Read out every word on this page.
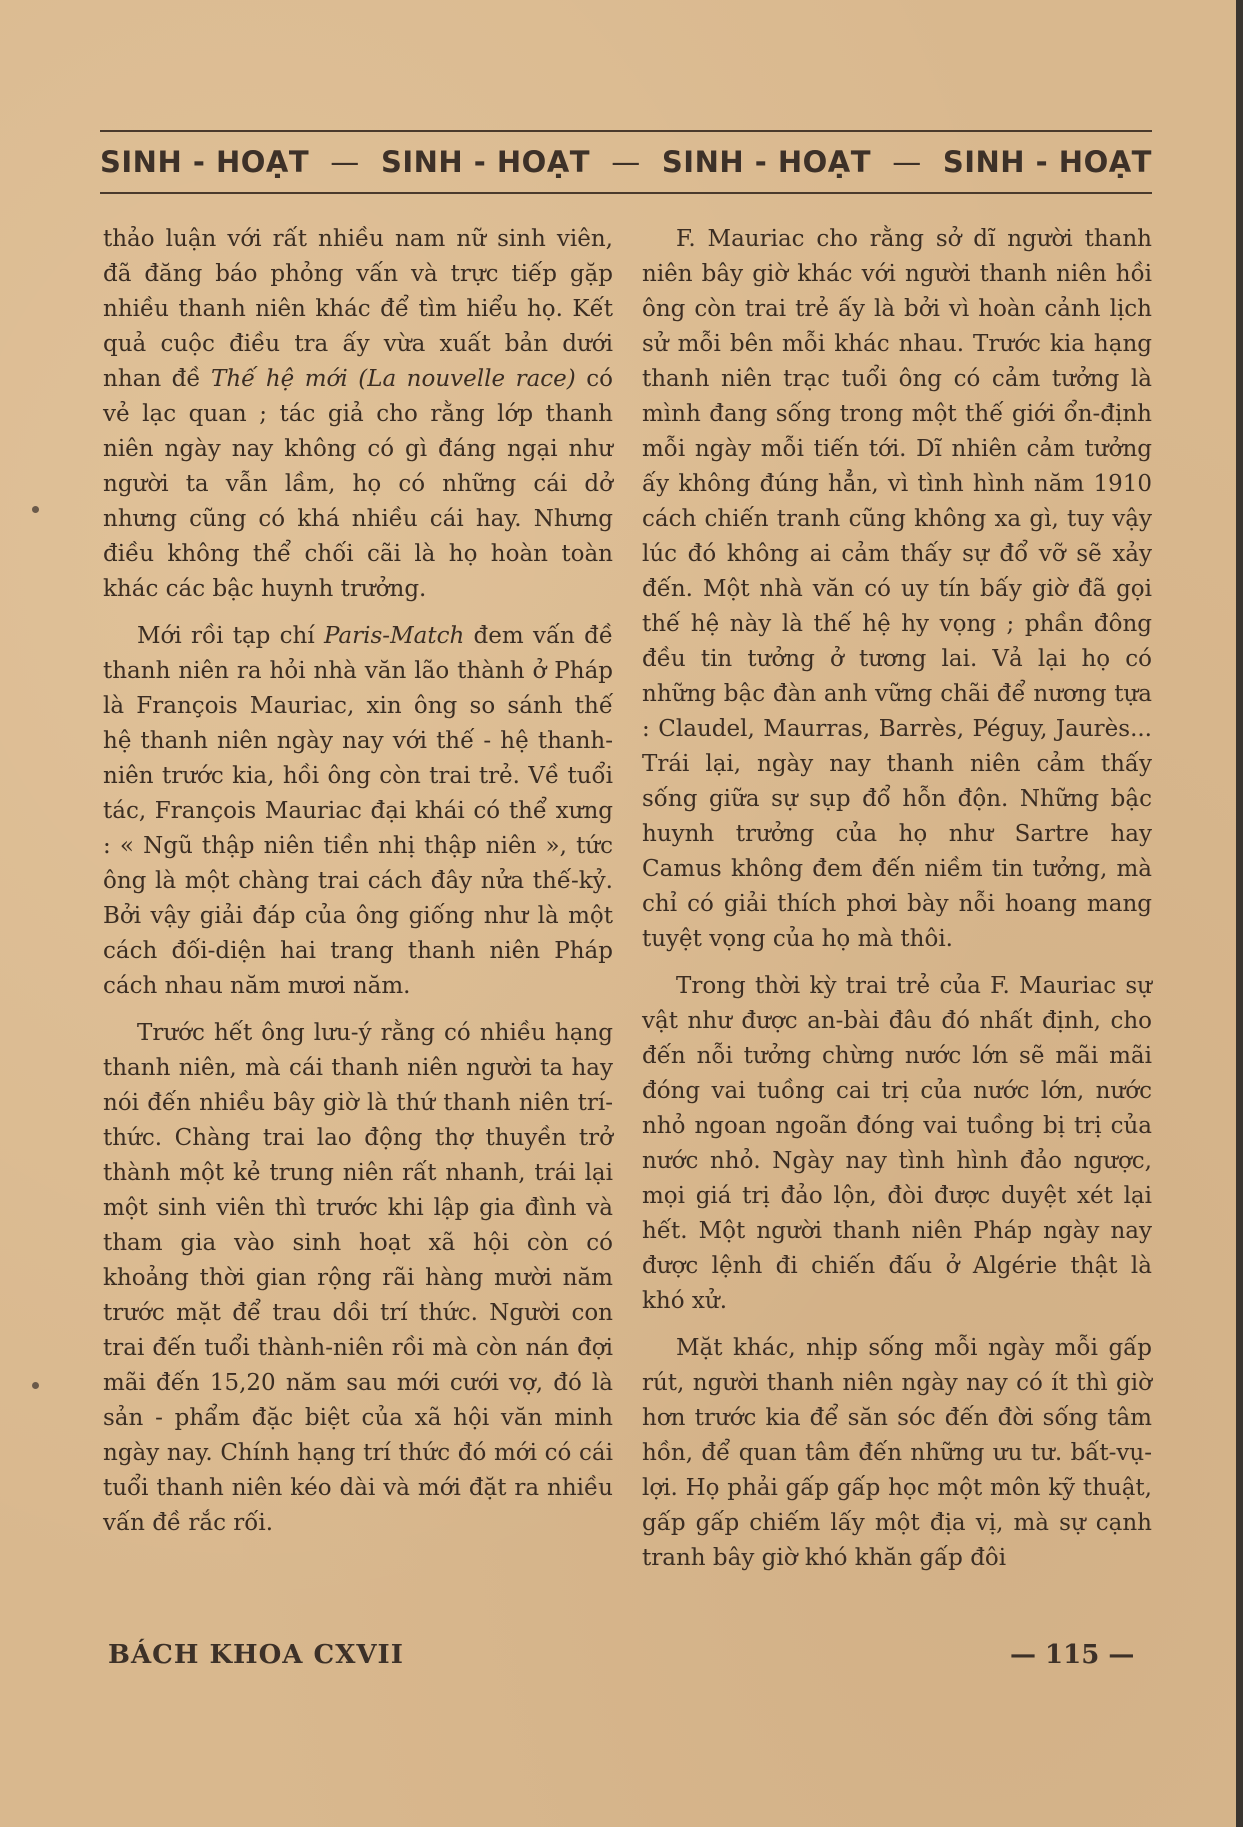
SINH - HOẠT — SINH - HOẠT — SINH - HOẠT — SINH - HOẠT

thảo luận với rất nhiều nam nữ sinh viên, đã đăng báo phỏng vấn và trực tiếp gặp nhiều thanh niên khác để tìm hiểu họ. Kết quả cuộc điều tra ấy vừa xuất bản dưới nhan đề Thế hệ mới (La nouvelle race) có vẻ lạc quan ; tác giả cho rằng lớp thanh niên ngày nay không có gì đáng ngại như người ta vẫn lầm, họ có những cái dở nhưng cũng có khá nhiều cái hay. Nhưng điều không thể chối cãi là họ hoàn toàn khác các bậc huynh trưởng.

Mới rồi tạp chí Paris-Match đem vấn đề thanh niên ra hỏi nhà văn lão thành ở Pháp là François Mauriac, xin ông so sánh thế hệ thanh niên ngày nay với thế - hệ thanh-niên trước kia, hồi ông còn trai trẻ. Về tuổi tác, François Mauriac đại khái có thể xưng : « Ngũ thập niên tiền nhị thập niên », tức ông là một chàng trai cách đây nửa thế-kỷ. Bởi vậy giải đáp của ông giống như là một cách đối-diện hai trang thanh niên Pháp cách nhau năm mươi năm.

Trước hết ông lưu-ý rằng có nhiều hạng thanh niên, mà cái thanh niên người ta hay nói đến nhiều bây giờ là thứ thanh niên trí-thức. Chàng trai lao động thợ thuyền trở thành một kẻ trung niên rất nhanh, trái lại một sinh viên thì trước khi lập gia đình và tham gia vào sinh hoạt xã hội còn có khoảng thời gian rộng rãi hàng mười năm trước mặt để trau dồi trí thức. Người con trai đến tuổi thành-niên rồi mà còn nán đợi mãi đến 15,20 năm sau mới cưới vợ, đó là sản - phẩm đặc biệt của xã hội văn minh ngày nay. Chính hạng trí thức đó mới có cái tuổi thanh niên kéo dài và mới đặt ra nhiều vấn đề rắc rối.

F. Mauriac cho rằng sở dĩ người thanh niên bây giờ khác với người thanh niên hồi ông còn trai trẻ ấy là bởi vì hoàn cảnh lịch sử mỗi bên mỗi khác nhau. Trước kia hạng thanh niên trạc tuổi ông có cảm tưởng là mình đang sống trong một thế giới ổn-định mỗi ngày mỗi tiến tới. Dĩ nhiên cảm tưởng ấy không đúng hẳn, vì tình hình năm 1910 cách chiến tranh cũng không xa gì, tuy vậy lúc đó không ai cảm thấy sự đổ vỡ sẽ xảy đến. Một nhà văn có uy tín bấy giờ đã gọi thế hệ này là thế hệ hy vọng ; phần đông đều tin tưởng ở tương lai. Vả lại họ có những bậc đàn anh vững chãi để nương tựa : Claudel, Maurras, Barrès, Péguy, Jaurès... Trái lại, ngày nay thanh niên cảm thấy sống giữa sự sụp đổ hỗn độn. Những bậc huynh trưởng của họ như Sartre hay Camus không đem đến niềm tin tưởng, mà chỉ có giải thích phơi bày nỗi hoang mang tuyệt vọng của họ mà thôi.

Trong thời kỳ trai trẻ của F. Mauriac sự vật như được an-bài đâu đó nhất định, cho đến nỗi tưởng chừng nước lớn sẽ mãi mãi đóng vai tuồng cai trị của nước lớn, nước nhỏ ngoan ngoãn đóng vai tuồng bị trị của nước nhỏ. Ngày nay tình hình đảo ngược, mọi giá trị đảo lộn, đòi được duyệt xét lại hết. Một người thanh niên Pháp ngày nay được lệnh đi chiến đấu ở Algérie thật là khó xử.

Mặt khác, nhịp sống mỗi ngày mỗi gấp rút, người thanh niên ngày nay có ít thì giờ hơn trước kia để săn sóc đến đời sống tâm hồn, để quan tâm đến những ưu tư. bất-vụ-lợi. Họ phải gấp gấp học một môn kỹ thuật, gấp gấp chiếm lấy một địa vị, mà sự cạnh tranh bây giờ khó khăn gấp đôi

BÁCH KHOA CXVII	— 115 —
